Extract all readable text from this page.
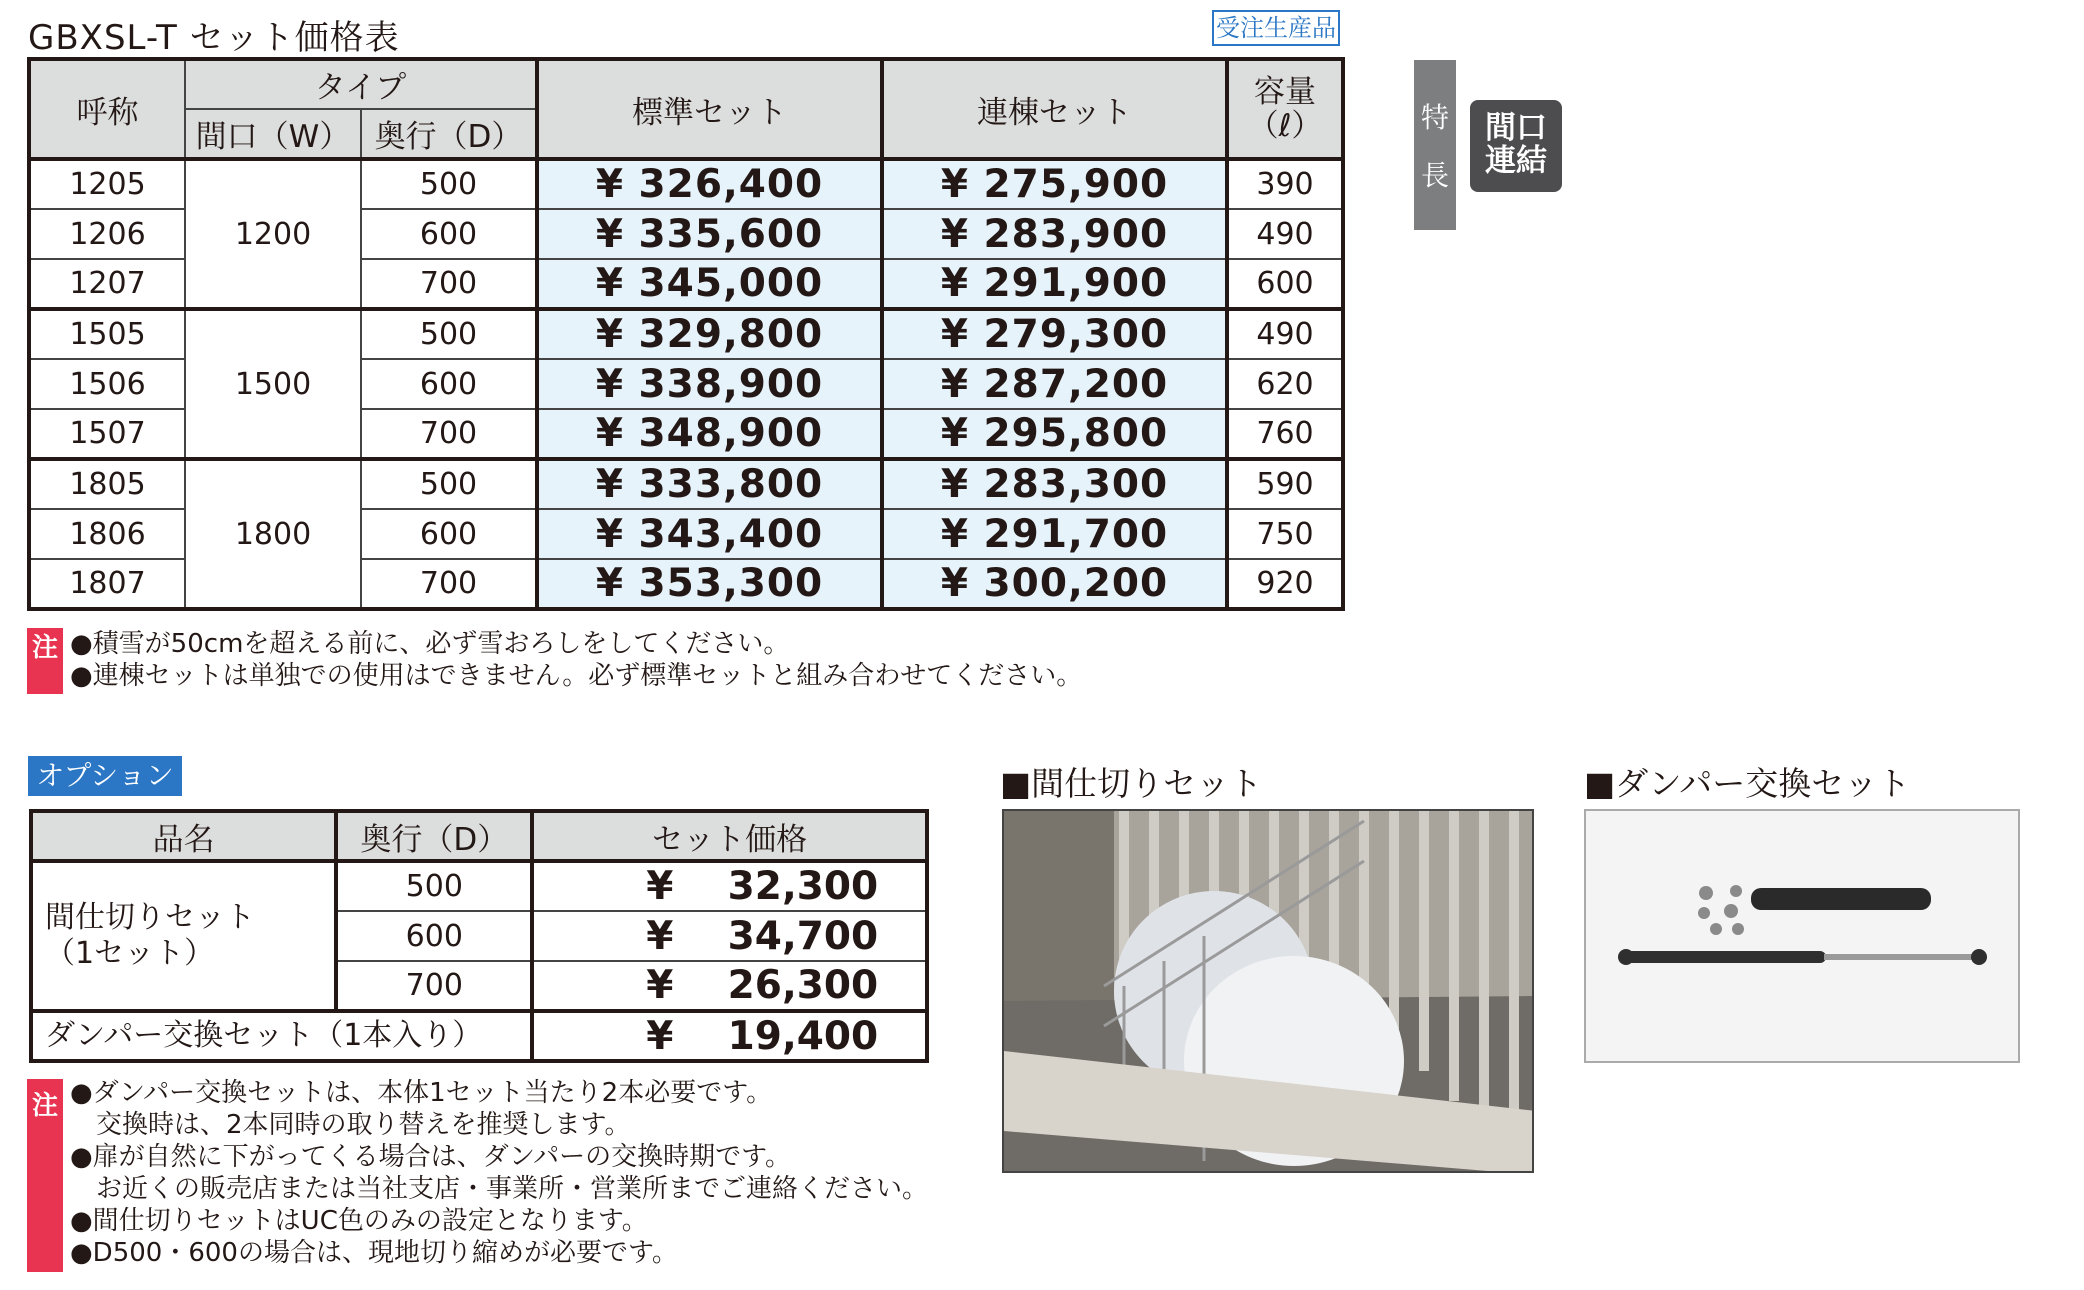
GBXSL-T セット価格表	受注生産品
呼称	タイプ		標準セット	連棟セット	容量
（ℓ）

	間口（W）	奥行（D）			
1205	1200	500	¥ 326,400	¥ 275,900	390
1206		600	¥ 335,600	¥ 283,900	490
1207		700	¥ 345,000	¥ 291,900	600
1505	1500	500	¥ 329,800	¥ 279,300	490
1506		600	¥ 338,900	¥ 287,200	620
1507		700	¥ 348,900	¥ 295,800	760
1805	1800	500	¥ 333,800	¥ 283,300	590
1806		600	¥ 343,400	¥ 291,700	750
1807		700	¥ 353,300	¥ 300,200	920
注 ●積雪が50cmを超える前に、必ず雪おろしをしてください。
●連棟セットは単独での使用はできません。必ず標準セットと組み合わせてください。
特
長
間口
連結
オプション
品名	奥行（D）	セット価格

間仕切りセット
（1セット）	500	¥    32,300
	600	¥    34,700
	700	¥    26,300
ダンパー交換セット（1本入り）		¥    19,400
注 ●ダンパー交換セットは、本体1セット当たり2本必要です。
　交換時は、2本同時の取り替えを推奨します。
●扉が自然に下がってくる場合は、ダンパーの交換時期です。
　お近くの販売店または当社支店・事業所・営業所までご連絡ください。
●間仕切りセットはUC色のみの設定となります。
●D500・600の場合は、現地切り縮めが必要です。
■間仕切りセット	■ダンパー交換セット
